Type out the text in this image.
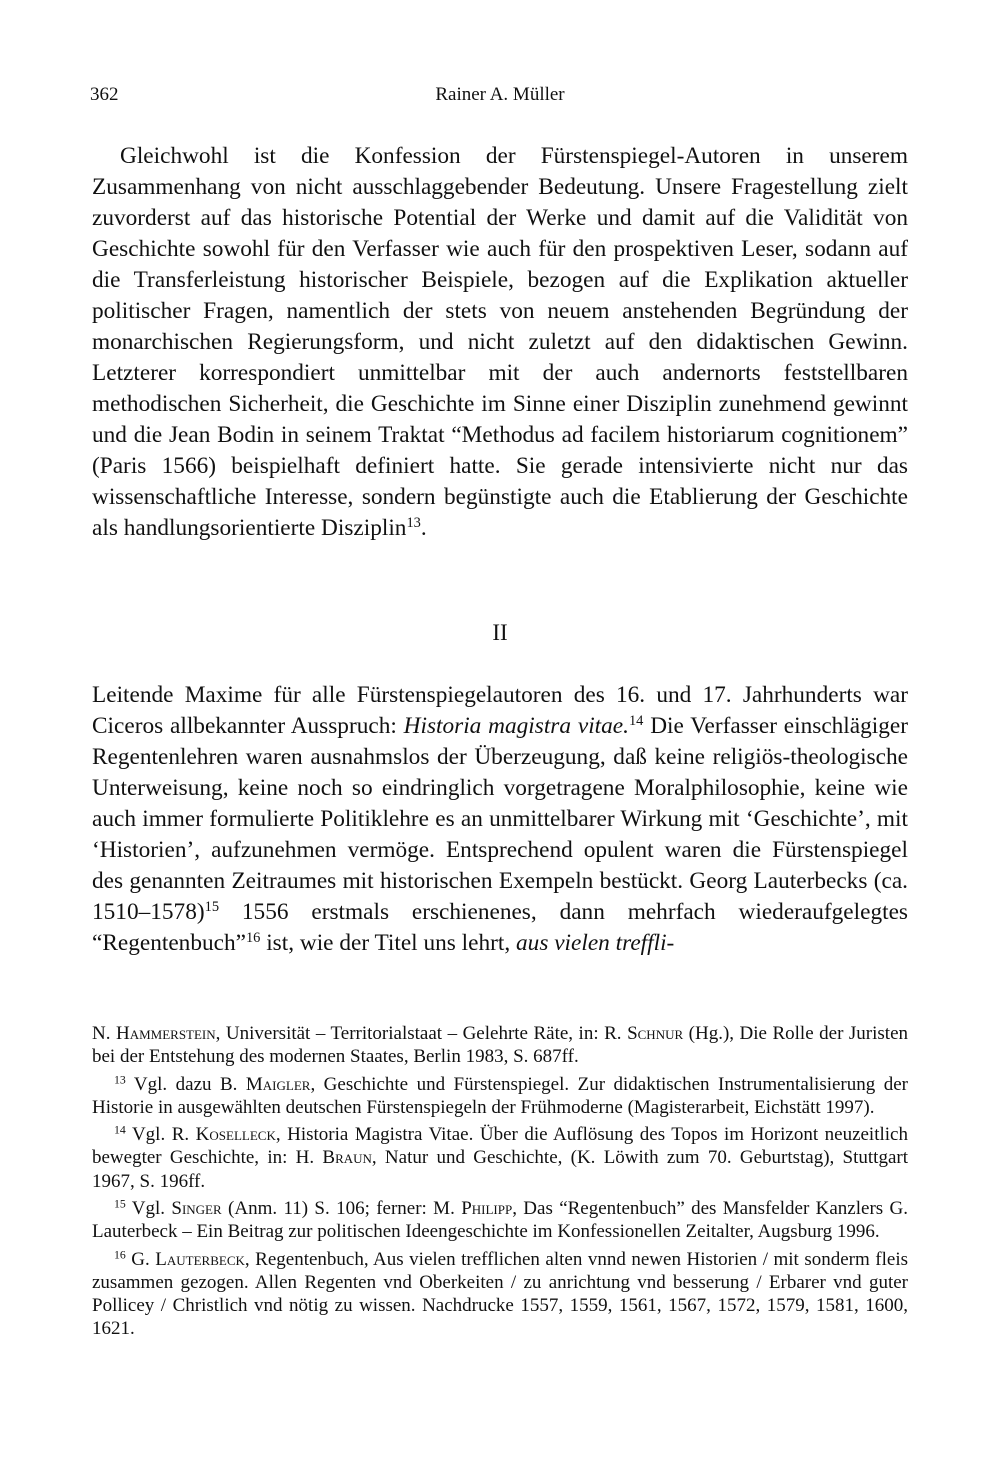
362	Rainer A. Müller
Gleichwohl ist die Konfession der Fürstenspiegel-Autoren in unserem Zusammenhang von nicht ausschlaggebender Bedeutung. Unsere Fragestellung zielt zuvorderst auf das historische Potential der Werke und damit auf die Validität von Geschichte sowohl für den Verfasser wie auch für den prospektiven Leser, sodann auf die Transferleistung historischer Beispiele, bezogen auf die Explikation aktueller politischer Fragen, namentlich der stets von neuem anstehenden Begründung der monarchischen Regierungsform, und nicht zuletzt auf den didaktischen Gewinn. Letzterer korrespondiert unmittelbar mit der auch andernorts feststellbaren methodischen Sicherheit, die Geschichte im Sinne einer Disziplin zunehmend gewinnt und die Jean Bodin in seinem Traktat “Methodus ad facilem historiarum cognitionem” (Paris 1566) beispielhaft definiert hatte. Sie gerade intensivierte nicht nur das wissenschaftliche Interesse, sondern begünstigte auch die Etablierung der Geschichte als handlungsorientierte Disziplin$^{13}$.
II
Leitende Maxime für alle Fürstenspiegelautoren des 16. und 17. Jahrhunderts war Ciceros allbekannter Ausspruch: Historia magistra vitae.$^{14}$ Die Verfasser einschlägiger Regentenlehren waren ausnahmslos der Überzeugung, daß keine religiös-theologische Unterweisung, keine noch so eindringlich vorgetragene Moralphilosophie, keine wie auch immer formulierte Politiklehre es an unmittelbarer Wirkung mit ‘Geschichte’, mit ‘Historien’, aufzunehmen vermöge. Entsprechend opulent waren die Fürstenspiegel des genannten Zeitraumes mit historischen Exempeln bestückt. Georg Lauterbecks (ca. 1510–1578)$^{15}$ 1556 erstmals erschienenes, dann mehrfach wiederaufgelegtes “Regentenbuch”$^{16}$ ist, wie der Titel uns lehrt, aus vielen treffli-

N. Hammerstein, Universität – Territorialstaat – Gelehrte Räte, in: R. Schnur (Hg.), Die Rolle der Juristen bei der Entstehung des modernen Staates, Berlin 1983, S. 687ff.

$^{13}$ Vgl. dazu B. Maigler, Geschichte und Fürstenspiegel. Zur didaktischen Instrumentalisierung der Historie in ausgewählten deutschen Fürstenspiegeln der Frühmoderne (Magisterarbeit, Eichstätt 1997).

$^{14}$ Vgl. R. Koselleck, Historia Magistra Vitae. Über die Auflösung des Topos im Horizont neuzeitlich bewegter Geschichte, in: H. Braun, Natur und Geschichte, (K. Löwith zum 70. Geburtstag), Stuttgart 1967, S. 196ff.

$^{15}$ Vgl. Singer (Anm. 11) S. 106; ferner: M. Philipp, Das “Regentenbuch” des Mansfelder Kanzlers G. Lauterbeck – Ein Beitrag zur politischen Ideengeschichte im Konfessionellen Zeitalter, Augsburg 1996.

$^{16}$ G. Lauterbeck, Regentenbuch, Aus vielen trefflichen alten vnnd newen Historien / mit sonderm fleis zusammen gezogen. Allen Regenten vnd Oberkeiten / zu anrichtung vnd besserung / Erbarer vnd guter Pollicey / Christlich vnd nötig zu wissen. Nachdrucke 1557, 1559, 1561, 1567, 1572, 1579, 1581, 1600, 1621.
